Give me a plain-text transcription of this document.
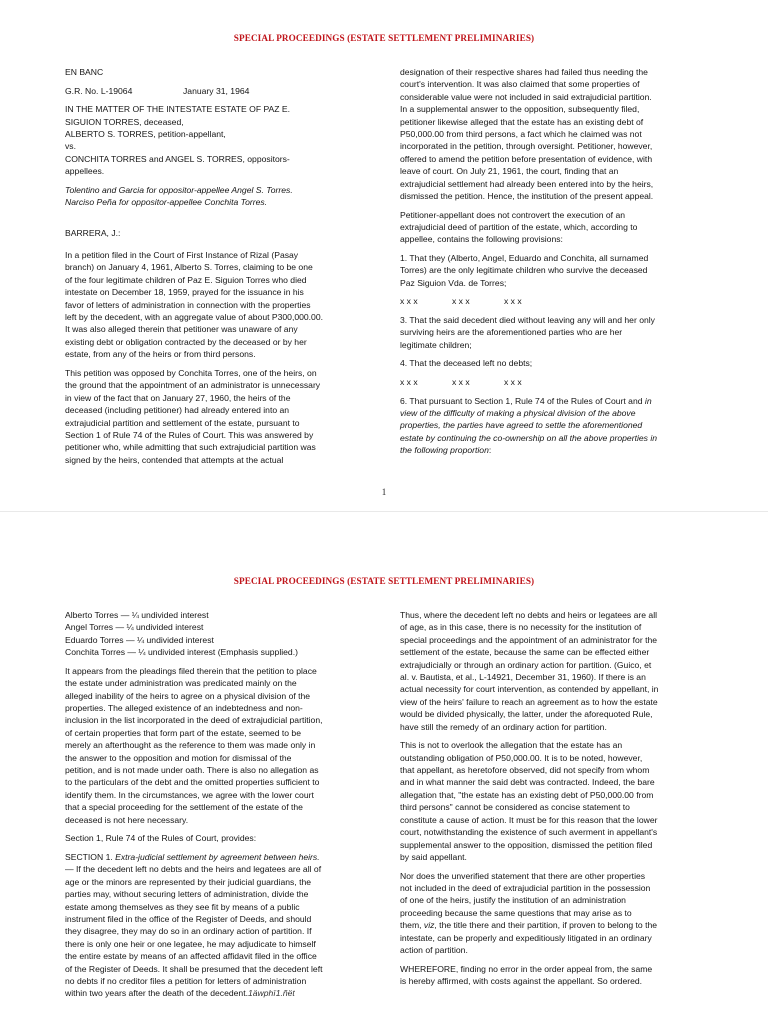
SPECIAL PROCEEDINGS (ESTATE SETTLEMENT PRELIMINARIES)

EN BANC

G.R. No. L-19064	January 31, 1964

IN THE MATTER OF THE INTESTATE ESTATE OF PAZ E.
SIGUION TORRES, deceased,
ALBERTO S. TORRES, petition-appellant,
vs.
CONCHITA TORRES and ANGEL S. TORRES, oppositors-
appellees.
Tolentino and Garcia for oppositor-appellee Angel S. Torres.
Narciso Peña for oppositor-appellee Conchita Torres.

BARRERA, J.:

In a petition filed in the Court of First Instance of Rizal (Pasay
branch) on January 4, 1961, Alberto S. Torres, claiming to be one
of the four legitimate children of Paz E. Siguion Torres who died
intestate on December 18, 1959, prayed for the issuance in his
favor of letters of administration in connection with the properties
left by the decedent, with an aggregate value of about P300,000.00.
It was also alleged therein that petitioner was unaware of any
existing debt or obligation contracted by the deceased or by her
estate, from any of the heirs or from third persons.
This petition was opposed by Conchita Torres, one of the heirs, on
the ground that the appointment of an administrator is unnecessary
in view of the fact that on January 27, 1960, the heirs of the
deceased (including petitioner) had already entered into an
extrajudicial partition and settlement of the estate, pursuant to
Section 1 of Rule 74 of the Rules of Court. This was answered by
petitioner who, while admitting that such extrajudicial partition was
signed by the heirs, contended that attempts at the actual
designation of their respective shares had failed thus needing the
court's intervention. It was also claimed that some properties of
considerable value were not included in said extrajudicial partition.
In a supplemental answer to the opposition, subsequently filed,
petitioner likewise alleged that the estate has an existing debt of
P50,000.00 from third persons, a fact which he claimed was not
incorporated in the petition, through oversight. Petitioner, however,
offered to amend the petition before presentation of evidence, with
leave of court. On July 21, 1961, the court, finding that an
extrajudicial settlement had already been entered into by the heirs,
dismissed the petition. Hence, the institution of the present appeal.
Petitioner-appellant does not controvert the execution of an
extrajudicial deed of partition of the estate, which, according to
appellee, contains the following provisions:
1. That they (Alberto, Angel, Eduardo and Conchita, all surnamed
Torres) are the only legitimate children who survive the deceased
Paz Siguion Vda. de Torres;

x x x	x x x	x x x

3. That the said decedent died without leaving any will and her only
surviving heirs are the aforementioned parties who are her
legitimate children;

4. That the deceased left no debts;

x x x	x x x	x x x

6. That pursuant to Section 1, Rule 74 of the Rules of Court and in
view of the difficulty of making a physical division of the above
properties, the parties have agreed to settle the aforementioned
estate by continuing the co-ownership on all the above properties in
the following proportion:
1
SPECIAL PROCEEDINGS (ESTATE SETTLEMENT PRELIMINARIES)
Alberto Torres — ¼ undivided interest
Angel Torres — ¼ undivided interest
Eduardo Torres — ¼ undivided interest
Conchita Torres — ¼ undivided interest (Emphasis supplied.)
It appears from the pleadings filed therein that the petition to place
the estate under administration was predicated mainly on the
alleged inability of the heirs to agree on a physical division of the
properties. The alleged existence of an indebtedness and non-
inclusion in the list incorporated in the deed of extrajudicial partition,
of certain properties that form part of the estate, seemed to be
merely an afterthought as the reference to them was made only in
the answer to the opposition and motion for dismissal of the
petition, and is not made under oath. There is also no allegation as
to the particulars of the debt and the omitted properties sufficient to
identify them. In the circumstances, we agree with the lower court
that a special proceeding for the settlement of the estate of the
deceased is not here necessary.

Section 1, Rule 74 of the Rules of Court, provides:

SECTION 1. Extra-judicial settlement by agreement between heirs.
— If the decedent left no debts and the heirs and legatees are all of
age or the minors are represented by their judicial guardians, the
parties may, without securing letters of administration, divide the
estate among themselves as they see fit by means of a public
instrument filed in the office of the Register of Deeds, and should
they disagree, they may do so in an ordinary action of partition. If
there is only one heir or one legatee, he may adjudicate to himself
the entire estate by means of an affected affidavit filed in the office
of the Register of Deeds. It shall be presumed that the decedent left
no debts if no creditor files a petition for letters of administration
within two years after the death of the decedent.1äwphï1.ñët
Thus, where the decedent left no debts and heirs or legatees are all
of age, as in this case, there is no necessity for the institution of
special proceedings and the appointment of an administrator for the
settlement of the estate, because the same can be effected either
extrajudicially or through an ordinary action for partition. (Guico, et
al. v. Bautista, et al., L-14921, December 31, 1960). If there is an
actual necessity for court intervention, as contended by appellant, in
view of the heirs' failure to reach an agreement as to how the estate
would be divided physically, the latter, under the aforequoted Rule,
have still the remedy of an ordinary action for partition.
This is not to overlook the allegation that the estate has an
outstanding obligation of P50,000.00. It is to be noted, however,
that appellant, as heretofore observed, did not specify from whom
and in what manner the said debt was contracted. Indeed, the bare
allegation that, "the estate has an existing debt of P50,000.00 from
third persons" cannot be considered as concise statement to
constitute a cause of action. It must be for this reason that the lower
court, notwithstanding the existence of such averment in appellant's
supplemental answer to the opposition, dismissed the petition filed
by said appellant.
Nor does the unverified statement that there are other properties
not included in the deed of extrajudicial partition in the possession
of one of the heirs, justify the institution of an administration
proceeding because the same questions that may arise as to
them, viz, the title there and their partition, if proven to belong to the
intestate, can be properly and expeditiously litigated in an ordinary
action of partition.
WHEREFORE, finding no error in the order appeal from, the same
is hereby affirmed, with costs against the appellant. So ordered.
